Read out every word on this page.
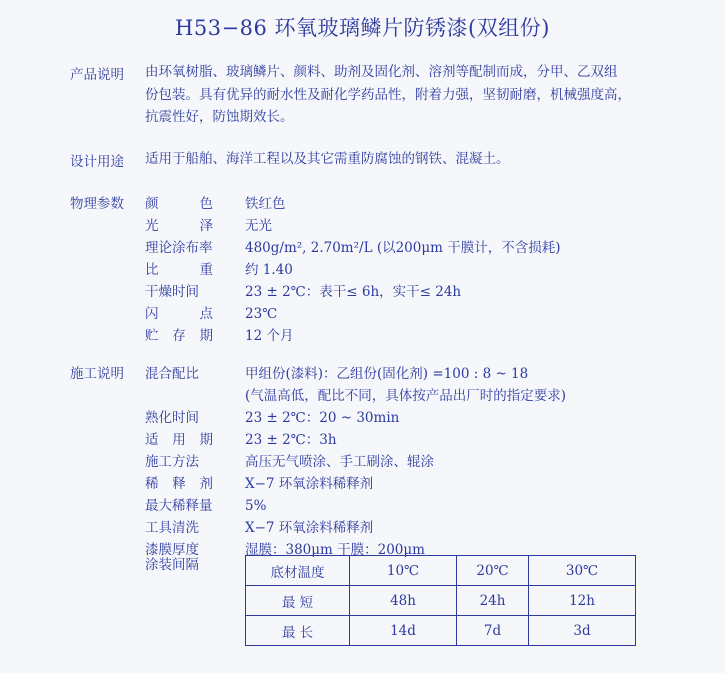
H53−86 环氧玻璃鳞片防锈漆(双组份)
产品说明 由环氧树脂、玻璃鳞片、颜料、助剂及固化剂、溶剂等配制而成，分甲、乙双组
份包装。具有优异的耐水性及耐化学药品性，附着力强，坚韧耐磨，机械强度高，
抗震性好，防蚀期效长。
设计用途 适用于船舶、海洋工程以及其它需重防腐蚀的钢铁、混凝土。
物理参数 颜色 铁红色
光泽 无光
理论涂布率 480g/m², 2.70m²/L (以200μm 干膜计，不含损耗)
比重 约 1.40
干燥时间	23 ± 2℃：表干≤ 6h，实干≤ 24h
闪点 23℃
贮存期 12 个月
施工说明 混合配比	甲组份(漆料)：乙组份(固化剂) =100 : 8 ~ 18
(气温高低，配比不同，具体按产品出厂时的指定要求)
熟化时间	23 ± 2℃：20 ~ 30min
适用期 23 ± 2℃：3h
施工方法	高压无气喷涂、手工刷涂、辊涂
稀释剂 X−7 环氧涂料稀释剂
最大稀释量 5%
工具清洗	X−7 环氧涂料稀释剂
漆膜厚度	湿膜：380μm 干膜：200μm
涂装间隔	底材温度	10℃	20℃	30℃
最 短	48h	24h	12h
最 长	14d	7d	3d
